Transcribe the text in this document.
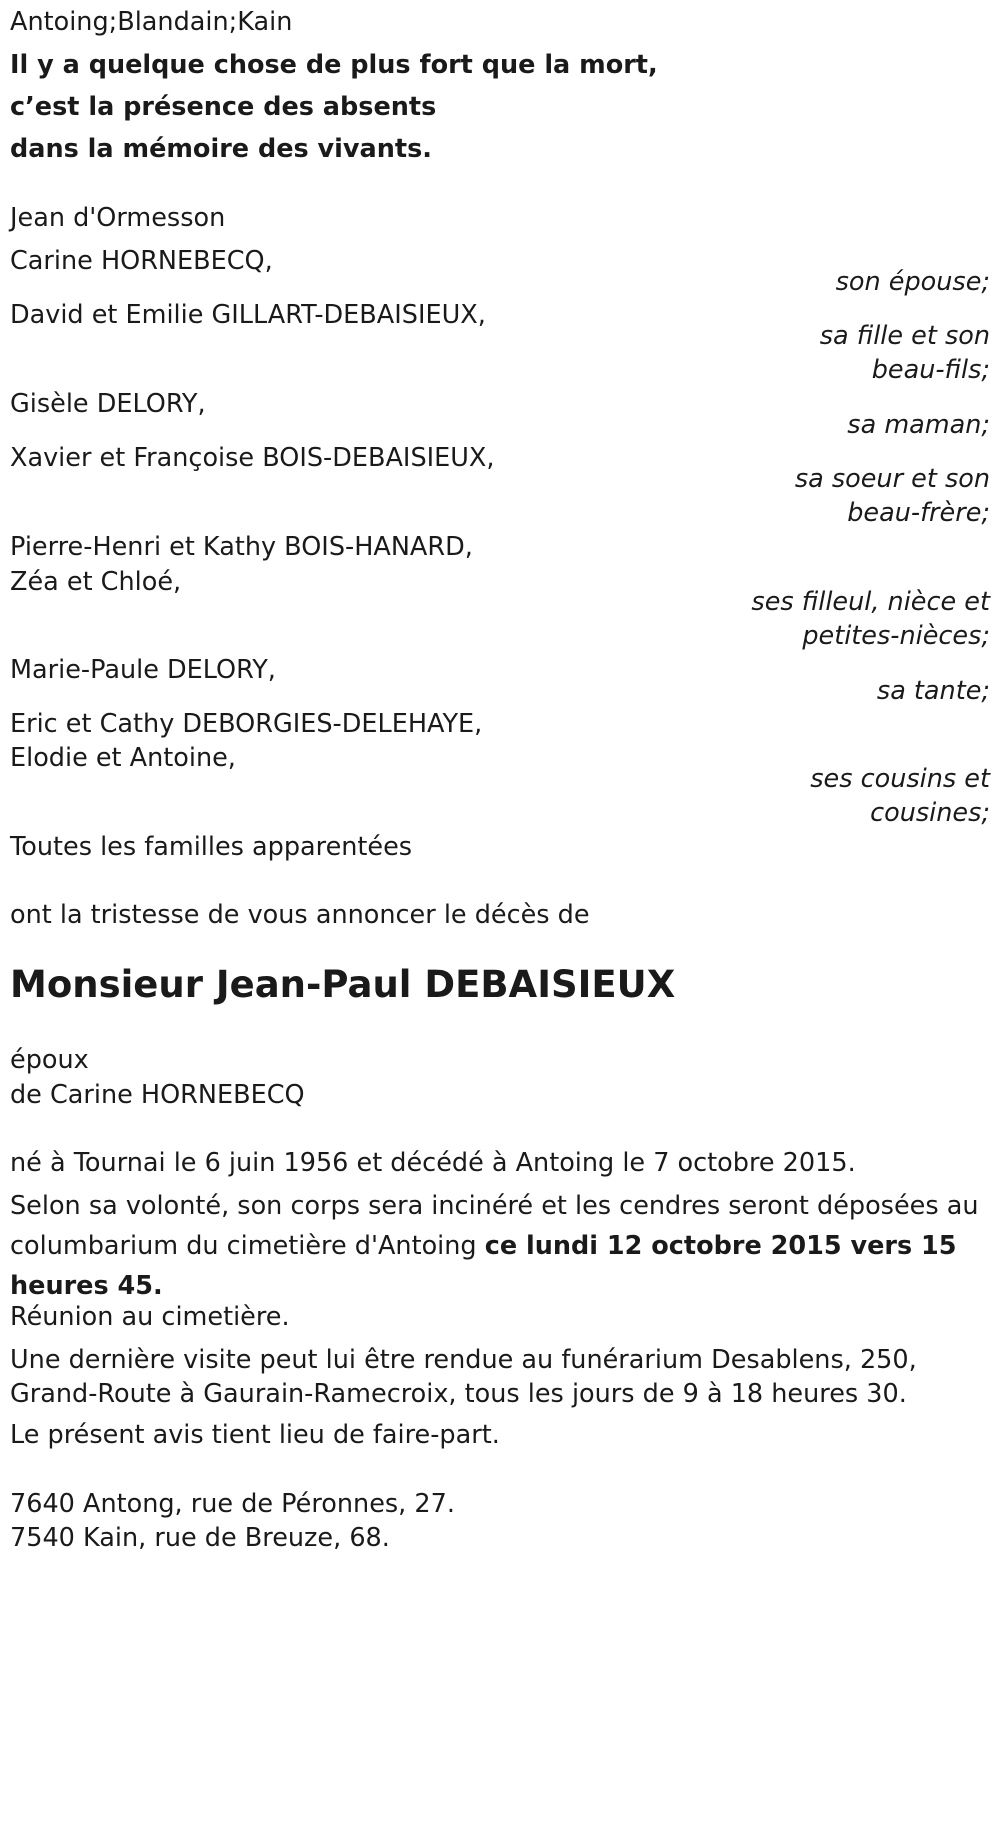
Antoing;Blandain;Kain

Il y a quelque chose de plus fort que la mort,

c’est la présence des absents

dans la mémoire des vivants.

Jean d'Ormesson

Carine HORNEBECQ,

son épouse;

David et Emilie GILLART-DEBAISIEUX,

sa fille et son

beau-fils;

Gisèle DELORY,

sa maman;

Xavier et Françoise BOIS-DEBAISIEUX,

sa soeur et son

beau-frère;

Pierre-Henri et Kathy BOIS-HANARD,

Zéa et Chloé,

ses filleul, nièce et

petites-nièces;

Marie-Paule DELORY,

sa tante;

Eric et Cathy DEBORGIES-DELEHAYE,

Elodie et Antoine,

ses cousins et

cousines;

Toutes les familles apparentées

ont la tristesse de vous annoncer le décès de

Monsieur Jean-Paul DEBAISIEUX

époux

de Carine HORNEBECQ

né à Tournai le 6 juin 1956 et décédé à Antoing le 7 octobre 2015.

Selon sa volonté, son corps sera incinéré et les cendres seront déposées au columbarium du cimetière d'Antoing ce lundi 12 octobre 2015 vers 15 heures 45.

Réunion au cimetière.

Une dernière visite peut lui être rendue au funérarium Desablens, 250,

Grand-Route à Gaurain-Ramecroix, tous les jours de 9 à 18 heures 30.

Le présent avis tient lieu de faire-part.

7640 Antong, rue de Péronnes, 27.

7540 Kain, rue de Breuze, 68.
